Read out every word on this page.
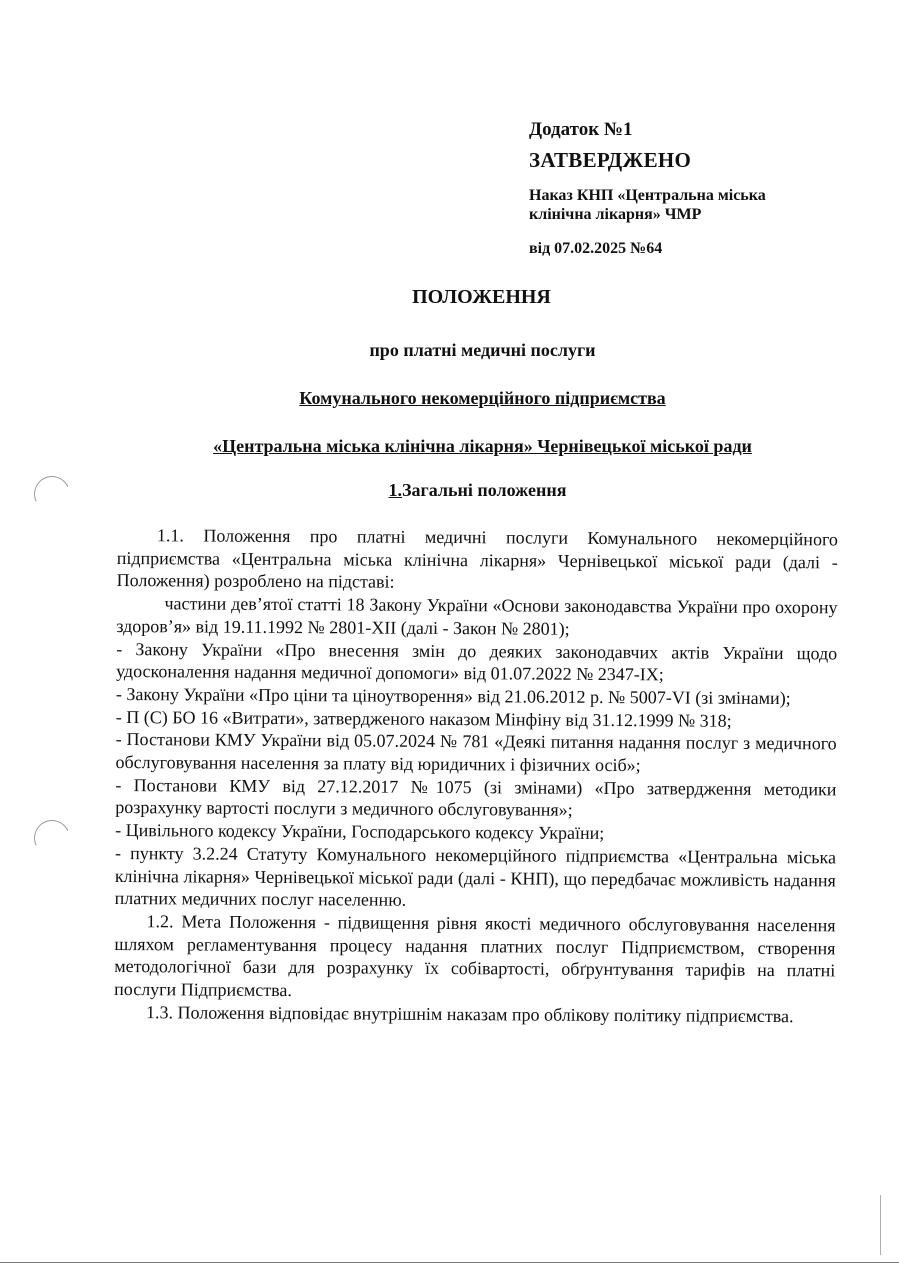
Додаток №1
ЗАТВЕРДЖЕНО
Наказ КНП «Центральна міська
клінічна лікарня» ЧМР
від 07.02.2025 №64
ПОЛОЖЕННЯ
про платні медичні послуги
Комунального некомерційного підприємства
«Центральна міська клінічна лікарня» Чернівецької міської ради
1.Загальні положення

1.1. Положення про платні медичні послуги Комунального некомерційного підприємства «Центральна міська клінічна лікарня» Чернівецької міської ради (далі - Положення) розроблено на підставі:

частини дев’ятої статті 18 Закону України «Основи законодавства України про охорону здоров’я» від 19.11.1992 № 2801-XII (далі - Закон № 2801);

- Закону України «Про внесення змін до деяких законодавчих актів України щодо удосконалення надання медичної допомоги» від 01.07.2022 № 2347-IX;

- Закону України «Про ціни та ціноутворення» від 21.06.2012 р. № 5007-VI (зі змінами);

- П (С) БО 16 «Витрати», затвердженого наказом Мінфіну від 31.12.1999 № 318;

- Постанови КМУ України від 05.07.2024 № 781 «Деякі питання надання послуг з медичного обслуговування населення за плату від юридичних і фізичних осіб»;

- Постанови КМУ від 27.12.2017 №1075 (зі змінами) «Про затвердження методики розрахунку вартості послуги з медичного обслуговування»;

- Цивільного кодексу України, Господарського кодексу України;

- пункту 3.2.24 Статуту Комунального некомерційного підприємства «Центральна міська клінічна лікарня» Чернівецької міської ради (далі - КНП), що передбачає можливість надання платних медичних послуг населенню.

1.2. Мета Положення - підвищення рівня якості медичного обслуговування населення шляхом регламентування процесу надання платних послуг Підприємством, створення методологічної бази для розрахунку їх собівартості, обґрунтування тарифів на платні послуги Підприємства.

1.3. Положення відповідає внутрішнім наказам про облікову політику підприємства.
